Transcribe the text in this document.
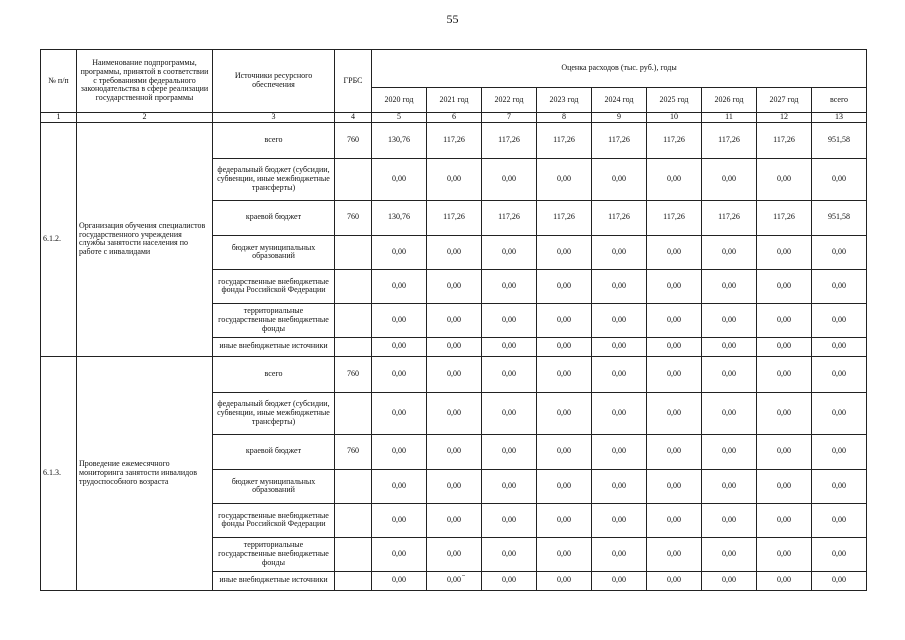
55
№ п/п	Наименование подпрограммы, программы, принятой в соответствии с требованиями федерального законодательства в сфере реализации государственной программы	Источники ресурсного обеспечения	ГРБС	Оценка расходов (тыс. руб.), годы								
				2020 год	2021 год	2022 год	2023 год	2024 год	2025 год	2026 год	2027 год	всего
1	2	3	4	5	6	7	8	9	10	11	12	13
6.1.2.	Организация обучения специалистов государственного учреждения службы занятости населения по работе с инвалидами	всего	760	130,76	117,26	117,26	117,26	117,26	117,26	117,26	117,26	951,58
		федеральный бюджет (субсидии, субвенции, иные межбюджетные трансферты)		0,00	0,00	0,00	0,00	0,00	0,00	0,00	0,00	0,00
		краевой бюджет	760	130,76	117,26	117,26	117,26	117,26	117,26	117,26	117,26	951,58
		бюджет муниципальных образований		0,00	0,00	0,00	0,00	0,00	0,00	0,00	0,00	0,00
		государственные внебюджетные фонды Российской Федерации		0,00	0,00	0,00	0,00	0,00	0,00	0,00	0,00	0,00
		территориальные государственные внебюджетные фонды		0,00	0,00	0,00	0,00	0,00	0,00	0,00	0,00	0,00
		иные внебюджетные источники		0,00	0,00	0,00	0,00	0,00	0,00	0,00	0,00	0,00
6.1.3.	Проведение ежемесячного мониторинга занятости инвалидов трудоспособного возраста	всего	760	0,00	0,00	0,00	0,00	0,00	0,00	0,00	0,00	0,00
		федеральный бюджет (субсидии, субвенции, иные межбюджетные трансферты)		0,00	0,00	0,00	0,00	0,00	0,00	0,00	0,00	0,00
		краевой бюджет	760	0,00	0,00	0,00	0,00	0,00	0,00	0,00	0,00	0,00
		бюджет муниципальных образований		0,00	0,00	0,00	0,00	0,00	0,00	0,00	0,00	0,00
		государственные внебюджетные фонды Российской Федерации		0,00	0,00	0,00	0,00	0,00	0,00	0,00	0,00	0,00
		территориальные государственные внебюджетные фонды		0,00	0,00	0,00	0,00	0,00	0,00	0,00	0,00	0,00
		иные внебюджетные источники		0,00	0,00	0,00	0,00	0,00	0,00	0,00	0,00	0,00
